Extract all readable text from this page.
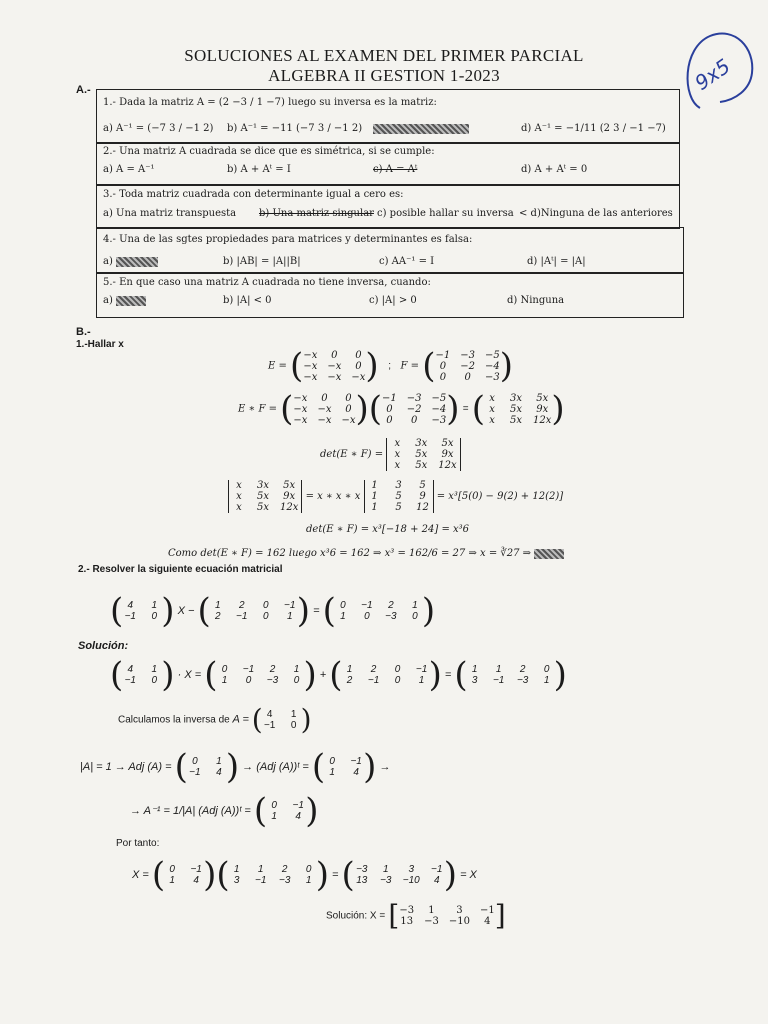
SOLUCIONES AL EXAMEN DEL PRIMER PARCIAL
ALGEBRA II GESTION 1-2023	9x5
A.-
1.- Dada la matriz A = (2 −3 / 1 −7) luego su inversa es la matriz:
a) A⁻¹ = (−7 3 / −1 2) b) A⁻¹ = −11 (−7 3 / −1 2)	d) A⁻¹ = −1/11 (2 3 / −1 −7)
2.- Una matriz A cuadrada se dice que es simétrica, si se cumple:
a) A = A⁻¹	b) A + Aᵗ = I	c) A = Aᵗ	d) A + Aᵗ = 0
3.- Toda matriz cuadrada con determinante igual a cero es:
a) Una matriz transpuesta b) Una matriz singular c) posible hallar su inversa < d)Ninguna de las anteriores
4.- Una de las sgtes propiedades para matrices y determinantes es falsa:
a)	b) |AB| = |A||B|	c) AA⁻¹ = I	d) |Aᵗ| = |A|
5.- En que caso una matriz A cuadrada no tiene inversa, cuando:
a)	b) |A| < 0	c) |A| > 0	d) Ninguna
B.-
1.-Hallar x
E = ( −x	0	0
−x −x	0
−x −x −x ) ; F = ( −1 −3 −5
0	−2 −4
0	0	−3 )
E ∗ F = ( −x	0	0
−x −x	0
−x −x −x )( −1 −3 −5
0	−2 −4
0	0	−3 ) = ( x	3x	5x
x	5x	9x
x	5x 12x )
det(E ∗ F) =
x	3x	5x
x	5x	9x
x	5x 12x
x	3x	5x
x	5x	9x
x	5x 12x
= x ∗ x ∗ x
1	3	5
1	5	9
1	5	12
= x³[5(0) − 9(2) + 12(2)]
det(E ∗ F) = x³[−18 + 24] = x³6
Como det(E ∗ F) = 162 luego x³6 = 162 ⇒ x³ = 162/6 = 27 ⇒ x = ∛27 ⇒
2.- Resolver la siguiente ecuación matricial
( 4	1
−1	0 ) X − ( 1	2	0	−1
2	−1	0	1 ) = ( 0	−1	2	1
1	0	−3	0 )
Solución:
( 4	1
−1	0 ) · X = ( 0	−1	2	1
1	0	−3	0 ) + ( 1	2	0	−1
2	−1	0	1 ) = ( 1	1	2	0
3	−1 −3	1 )
Calculamos la inversa de A = ( 4	1
−1	0 )
|A| = 1 → Adj (A) = ( 0	1
−1	4 ) → (Adj (A))ᵗ = ( 0	−1
1	4 ) →
→ A⁻¹ = 1/|A| (Adj (A))ᵗ = ( 0	−1
1	4 )
Por tanto:
X = ( 0	−1
1	4 )( 1	1	2	0
3	−1 −3	1 ) = ( −3	1	3	−1
13 −3 −10	4 ) = X
Solución: X = [ −3	1	3	−1
13 −3 −10	4 ]
